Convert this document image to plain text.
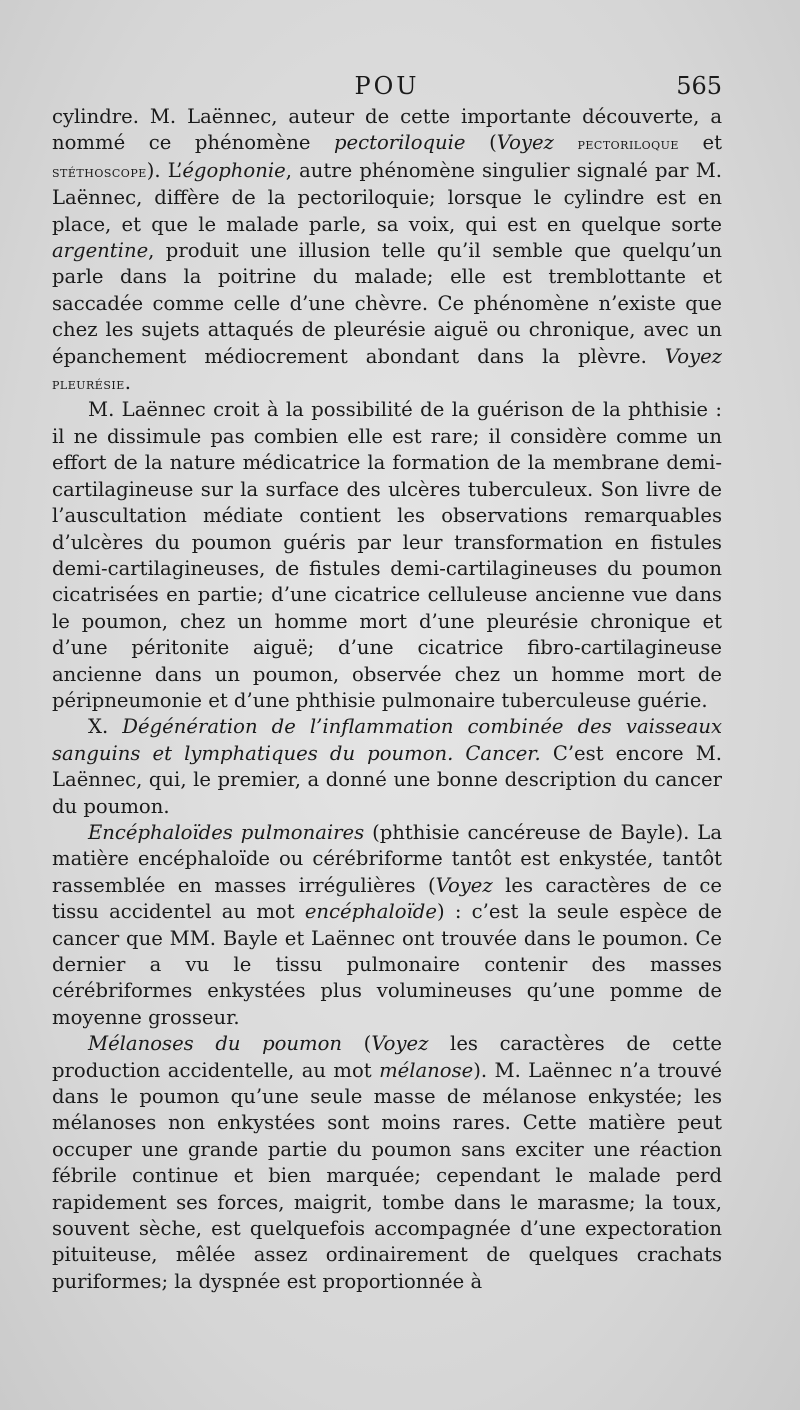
POU	565

cylindre. M. Laënnec, auteur de cette importante découverte, a nommé ce phénomène pectoriloquie (Voyez pectoriloque et stéthoscope). L’égophonie, autre phénomène singulier signalé par M. Laënnec, diffère de la pectoriloquie; lorsque le cylindre est en place, et que le malade parle, sa voix, qui est en quelque sorte argentine, produit une illusion telle qu’il semble que quelqu’un parle dans la poitrine du malade; elle est tremblottante et saccadée comme celle d’une chèvre. Ce phénomène n’existe que chez les sujets attaqués de pleurésie aiguë ou chronique, avec un épanchement médiocrement abondant dans la plèvre. Voyez pleurésie.

M. Laënnec croit à la possibilité de la guérison de la phthisie : il ne dissimule pas combien elle est rare; il considère comme un effort de la nature médicatrice la formation de la membrane demi-cartilagineuse sur la surface des ulcères tuberculeux. Son livre de l’auscultation médiate contient les observations remarquables d’ulcères du poumon guéris par leur transformation en fistules demi-cartilagineuses, de fistules demi-cartilagineuses du poumon cicatrisées en partie; d’une cicatrice celluleuse ancienne vue dans le poumon, chez un homme mort d’une pleurésie chronique et d’une péritonite aiguë; d’une cicatrice fibro-cartilagineuse ancienne dans un poumon, observée chez un homme mort de péripneumonie et d’une phthisie pulmonaire tuberculeuse guérie.

X. Dégénération de l’inflammation combinée des vaisseaux sanguins et lymphatiques du poumon. Cancer. C’est encore M. Laënnec, qui, le premier, a donné une bonne description du cancer du poumon.

Encéphaloïdes pulmonaires (phthisie cancéreuse de Bayle). La matière encéphaloïde ou cérébriforme tantôt est enkystée, tantôt rassemblée en masses irrégulières (Voyez les caractères de ce tissu accidentel au mot encéphaloïde) : c’est la seule espèce de cancer que MM. Bayle et Laënnec ont trouvée dans le poumon. Ce dernier a vu le tissu pulmonaire contenir des masses cérébriformes enkystées plus volumineuses qu’une pomme de moyenne grosseur.

Mélanoses du poumon (Voyez les caractères de cette production accidentelle, au mot mélanose). M. Laënnec n’a trouvé dans le poumon qu’une seule masse de mélanose enkystée; les mélanoses non enkystées sont moins rares. Cette matière peut occuper une grande partie du poumon sans exciter une réaction fébrile continue et bien marquée; cependant le malade perd rapidement ses forces, maigrit, tombe dans le marasme; la toux, souvent sèche, est quelquefois accompagnée d’une expectoration pituiteuse, mêlée assez ordinairement de quelques crachats puriformes; la dyspnée est proportionnée à
